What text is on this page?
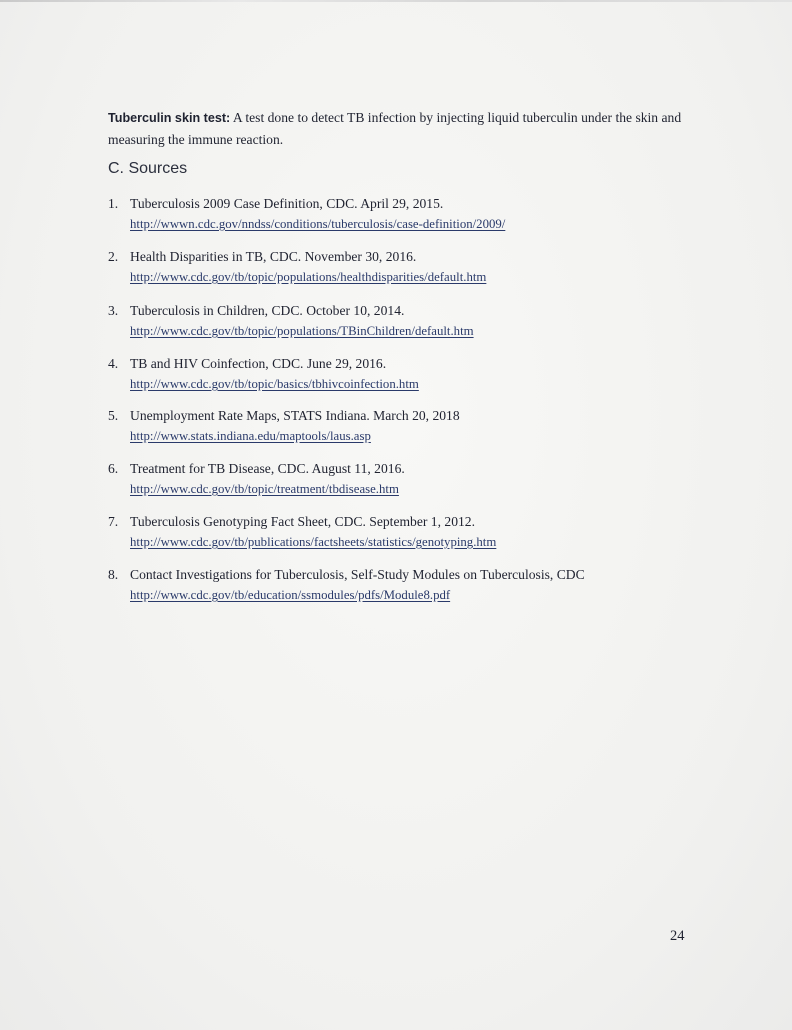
Tuberculin skin test: A test done to detect TB infection by injecting liquid tuberculin under the skin and measuring the immune reaction.

C. Sources
1. Tuberculosis 2009 Case Definition, CDC. April 29, 2015.
http://wwwn.cdc.gov/nndss/conditions/tuberculosis/case-definition/2009/
2. Health Disparities in TB, CDC. November 30, 2016.
http://www.cdc.gov/tb/topic/populations/healthdisparities/default.htm
3. Tuberculosis in Children, CDC. October 10, 2014.
http://www.cdc.gov/tb/topic/populations/TBinChildren/default.htm
4. TB and HIV Coinfection, CDC. June 29, 2016.
http://www.cdc.gov/tb/topic/basics/tbhivcoinfection.htm
5. Unemployment Rate Maps, STATS Indiana. March 20, 2018
http://www.stats.indiana.edu/maptools/laus.asp
6. Treatment for TB Disease, CDC. August 11, 2016.
http://www.cdc.gov/tb/topic/treatment/tbdisease.htm
7. Tuberculosis Genotyping Fact Sheet, CDC. September 1, 2012.
http://www.cdc.gov/tb/publications/factsheets/statistics/genotyping.htm
8. Contact Investigations for Tuberculosis, Self-Study Modules on Tuberculosis, CDC
http://www.cdc.gov/tb/education/ssmodules/pdfs/Module8.pdf
24
